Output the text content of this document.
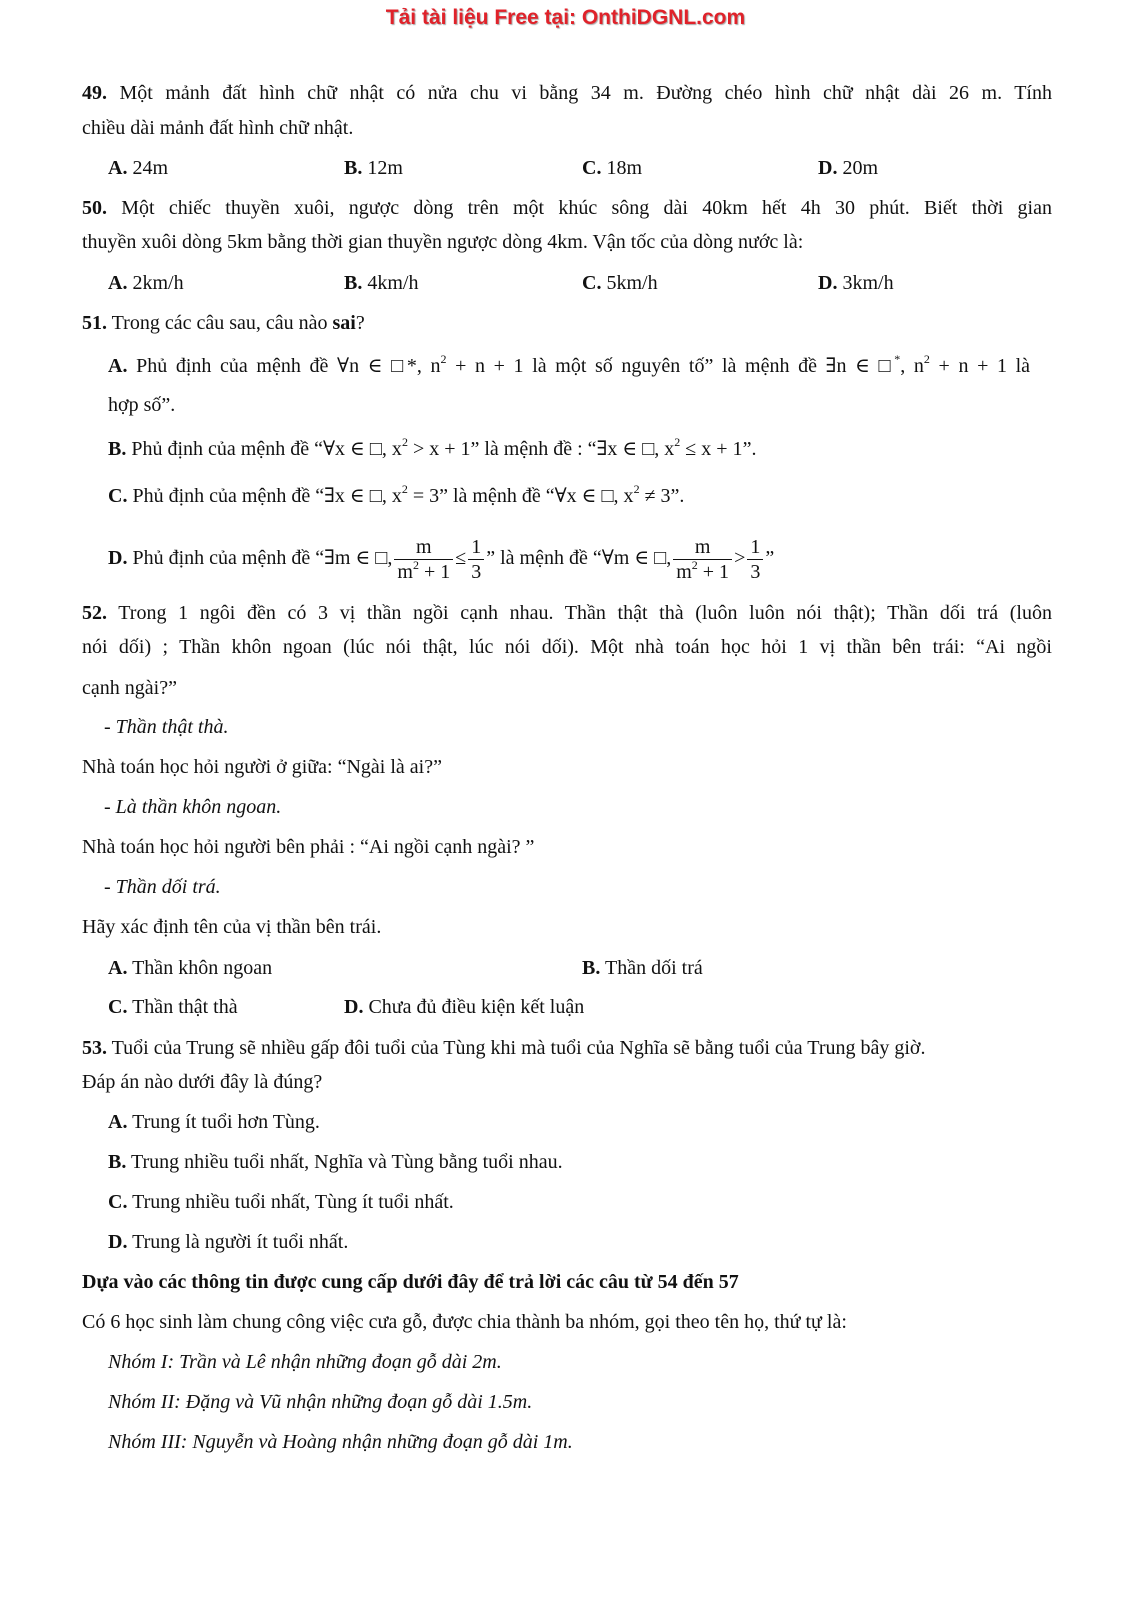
Tải tài liệu Free tại: OnthiDGNL.com
49. Một mảnh đất hình chữ nhật có nửa chu vi bằng 34 m. Đường chéo hình chữ nhật dài 26 m. Tính
chiều dài mảnh đất hình chữ nhật.
A. 24m	B. 12m	C. 18m	D. 20m
50. Một chiếc thuyền xuôi, ngược dòng trên một khúc sông dài 40km hết 4h 30 phút. Biết thời gian
thuyền xuôi dòng 5km bằng thời gian thuyền ngược dòng 4km. Vận tốc của dòng nước là:
A. 2km/h	B. 4km/h	C. 5km/h	D. 3km/h
51. Trong các câu sau, câu nào sai?
A. Phủ định của mệnh đề ∀n ∈ □*, $n^2 + n + 1$ là một số nguyên tố” là mệnh đề ∃n ∈ □*, $n^2 + n + 1$ là
hợp số”.
B. Phủ định của mệnh đề “∀x ∈ □, $x^2 > x + 1$” là mệnh đề : “∃x ∈ □, $x^2 \le x + 1$”.
C. Phủ định của mệnh đề “∃x ∈ □, $x^2 = 3$” là mệnh đề “∀x ∈ □, $x^2 \ne 3$”.
D. Phủ định của mệnh đề “∃m ∈ □, $\frac{m}{m^2 + 1} \le \frac{1}{3}$ ” là mệnh đề “∀m ∈ □, $\frac{m}{m^2 + 1} > \frac{1}{3}$ ”
52. Trong 1 ngôi đền có 3 vị thần ngồi cạnh nhau. Thần thật thà (luôn luôn nói thật); Thần dối trá (luôn
nói dối) ; Thần khôn ngoan (lúc nói thật, lúc nói dối). Một nhà toán học hỏi 1 vị thần bên trái: “Ai ngồi
cạnh ngài?”
- Thần thật thà.
Nhà toán học hỏi người ở giữa: “Ngài là ai?”
- Là thần khôn ngoan.
Nhà toán học hỏi người bên phải : “Ai ngồi cạnh ngài? ”
- Thần dối trá.
Hãy xác định tên của vị thần bên trái.
A. Thần khôn ngoan	B. Thần dối trá
C. Thần thật thà	D. Chưa đủ điều kiện kết luận
53. Tuổi của Trung sẽ nhiều gấp đôi tuổi của Tùng khi mà tuổi của Nghĩa sẽ bằng tuổi của Trung bây giờ.
Đáp án nào dưới đây là đúng?
A. Trung ít tuổi hơn Tùng.
B. Trung nhiều tuổi nhất, Nghĩa và Tùng bằng tuổi nhau.
C. Trung nhiều tuổi nhất, Tùng ít tuổi nhất.
D. Trung là người ít tuổi nhất.
Dựa vào các thông tin được cung cấp dưới đây để trả lời các câu từ 54 đến 57
Có 6 học sinh làm chung công việc cưa gỗ, được chia thành ba nhóm, gọi theo tên họ, thứ tự là:
Nhóm I: Trần và Lê nhận những đoạn gỗ dài 2m.
Nhóm II: Đặng và Vũ nhận những đoạn gỗ dài 1.5m.
Nhóm III: Nguyễn và Hoàng nhận những đoạn gỗ dài 1m.
